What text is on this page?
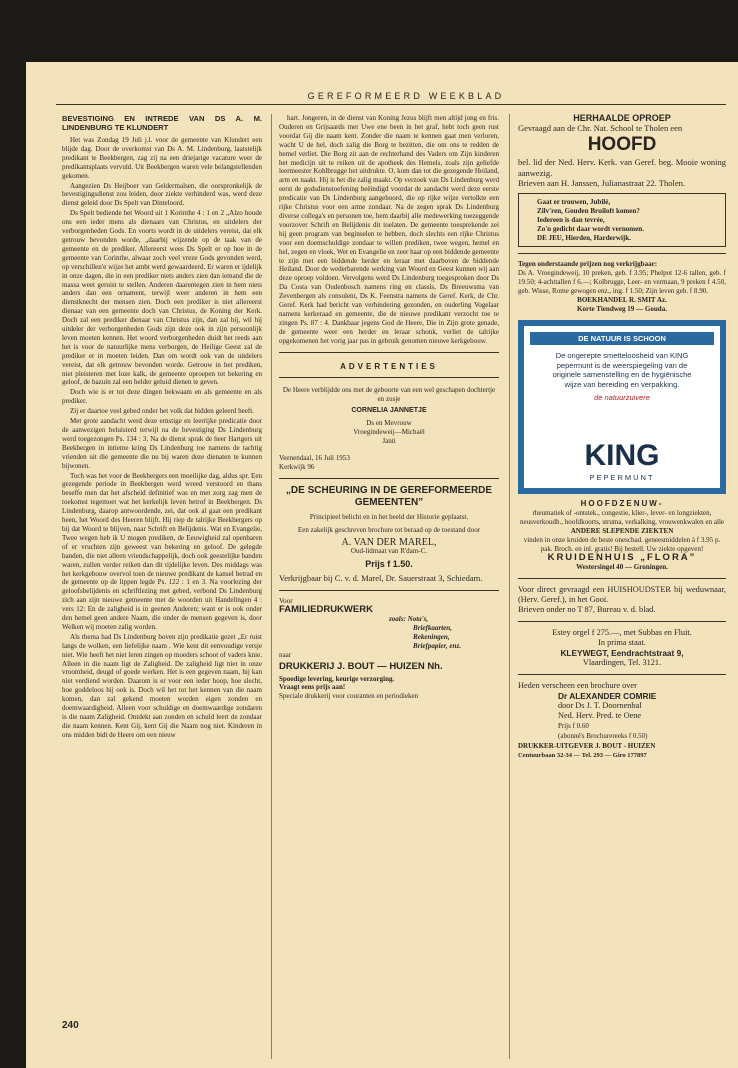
GEREFORMEERD WEEKBLAD
BEVESTIGING EN INTREDE VAN DS A. M. LINDENBURG TE KLUNDERT

Het was Zondag 19 Juli j.l. voor de gemeente van Klundert een blijde dag. Door de overkomst van Ds A. M. Lindenburg, laatstelijk predikant te Beekbergen, zag zij na een driejarige vacature weer de predikantsplaats vervuld. Uit Beekbergen waren vele belangstellenden gekomen.

Aangezien Ds Heijboer van Geldermalsen, die oorspronkelijk de bevestigingsdienst zou leiden, door ziekte verhinderd was, werd deze dienst geleid door Ds Spelt van Dinteloord.

Ds Spelt bediende het Woord uit 1 Korinthe 4 : 1 en 2 „Alzo houde ons een ieder mens als dienaars van Christus, en uitdelers der verborgenheden Gods. En voorts wordt in de uitdelers vereist, dat elk getrouw bevonden worde, „daarbij wijzende op de taak van de gemeente en de prediker. Allereerst wees Ds Spelt er op hoe in de gemeente van Corinthe, alwaar zoch veel vreze Gods gevonden werd, op verschillen'e wijze het ambt werd gewaardeerd. Er waren er ijdelijk in onze dagen, die in een prediker niets anders zien dan iemand die de massa weet geruist te stellen. Anderen daarentegen zien in hem niets anders dan een ornament, terwijl weer anderen in hem een dienstknecht der mensen zien. Doch een prediker is niet allereerst dienaar van een gemeente doch van Christus, de Koning der Kerk. Doch zal een prediker dienaar van Christus zijn, dan zal hij, wil hij uitdeler der verborgenheden Gods zijn deze ook in zijn persoonlijk leven moeten kennen. Het woord verborgenheden duidt het reeds aan het is voor de natuurlijke mens verborgen, de Heilige Geest zal de prediker er in moeten leiden. Dan om wordt ook van de uitdelers vereist, dat elk getrouw bevonden worde. Getrouw in het prediken, niet pleisteren met loze kalk, de gemeente oproepen tot bekering en geloof, de bazuin zal een helder geluid dienen te geven.

Doch wie is er tot deze dingen bekwaam en als gemeente en als prediker.

Zij er daartoe veel gebed onder het volk dat bidden geleerd heeft.

Met grote aandacht werd deze ernstige en leerrijke predicatie door de aanwezigen beluisterd terwijl na de bevestiging Ds Lindenburg werd toegezongen Ps. 134 : 3. Na de dienst sprak de heer Hartgers uit Beekbergen in intieme kring Ds Lindenburg toe namens de tachtig vrienden uit die gemeente die nu bij waren deze dienaten te kunnen bijwonen.

Toch was het voor de Beekbergers een moeilijke dag, aldus spr. Een gezegende periode in Beekbergen werd wreed verstoord en thans beseffe men dat het afscheid definitief was en met zorg zag men de toekomst tegemoet wat het kerkelijk leven betrof in Beekbergen. Ds Lindenburg, daarop antwoordende, zei, dat ook al gaat een predikant heen, het Woord des Heeren blijft. Hij riep de talrijke Beekbergers op bij dat Woord te blijven, naar Schrift en Belijdenis. Wat en Evangelie, Twee wegen heb ik U mogen prediken, de Eeuwigheid zal openbaren of er vruchten zijn geweest van bekering en geloof. De gelegde banden, die niet alleen vriendschappelijk, doch ook geestelijke banden waren, zullen verder reiken dan dit tijdelijke leven. Des middags was het kerkgebouw overvol toen de nieuwe predikant de kansel betrad en de gemeente op de lippen legde Ps. 122 : 1 en 3. Na voorlezing der geloofsbelijdenis en schriftlezing met gebed, verbond Ds Lindenburg zich aan zijn nieuwe gemeente met de woorden uit Handelingen 4 : vers 12: En de zaligheid is in geenen Anderen; want er is ook onder den hemel geen andere Naam, die onder de mensen gegeven is, door Welken wij moeten zalig worden.

Als thema had Ds Lindenburg boven zijn predikatie gezet „Er ruist langs de wolken, een liefelijke naam . Wie kent dit eenvoudige versje niet. Wie heeft het niet leren zingen op moeders schoot of vaders knie. Alleen in die naam ligt de Zaligheid. De zaligheid ligt niet in onze vroomheid, deugd of goede werken. Het is een gegeven naam, hij kan niet verdiend worden. Daarom is er voor een ieder hoop, hoe slecht, hoe goddeloos hij ook is. Doch wil het tot het kennen van die naam komen, dan zal gekend moeten worden eigen zonden en doemwaardigheid. Alleen voor schuldige en doemwaardige zondaren is die naam Zaligheid. Ontdekt aan zonden en schuld leert de zondaar die naam kennen. Kent Gij, kent Gij die Naam nog niet. Kinderen in ons midden bidt de Heere om een nieuw

240

hart. Jongeren, in de dienst van Koning Jezus blijft men altijd jong en fris. Ouderen en Grijsaards met Uwe ene been in het graf, hebt toch geen rust voordat Gij die naam kent. Zonder die naam te kennen gaat men verloren, wacht U de hel, doch zalig die Borg te bezitten, die om ons te redden de hemel verliet. Die Borg zit aan de rechterhand des Vaders om Zijn kinderen het medicijn uit te reiken uit de apotheek des Hemels, zoals zijn geliefde leermeester Kohlbrugge het uitdrukte. O, kom dan tot die gezegende Heiland, arm en naakt. Hij is het die zalig maakt. Op verzoek van Ds Lindenburg werd eerst de godsdienstoefening beëindigd voordat de aandacht werd deze eerste predicatie van Ds Lindenburg aangehoord, die op rijke wijze vertolkte een rijke Christus voor een arme zondaar. Na de zegen sprak Ds Lindenburg diverse collega's en personen toe, hem daarbij alle medewerking toezeggende voorzover Schrift en Belijdenis dit toelaten. De gemeente toesprekende zei hij geen program van beginselen te hebben, doch slechts een rijke Christus voor een doemschuldige zondaar te willen prediken, twee wegen, hemel en hel, zegen en vloek, Wet en Evangelie en zeer haar op een biddende gemeente te zijn met een biddende herder en leraar met daarboven de biddende Heiland. Door de wederbarende werking van Woord en Geest kunnen wij aan deze oproep voldoen. Vervolgens werd Ds Lindenburg toegesproken door Ds Da Costa van Oudenbosch namens ring en classis, Ds Breeuwsma van Zevenbergen als consulent, Ds K. Feenstra namens de Geref. Kerk, de Chr. Geref. Kerk had bericht van verhindering gezonden, en ouderling Vogelaar namens kerkeraad en gemeente, die de nieuwe predikant verzocht toe te zingen Ps. 87 : 4. Dankbaar jegens God de Heere, Die in Zijn grote genade, de gemeente weer een herder en leraar schonk, verliet de talrijke opgekomenen het vorig jaar pas in gebruik genomen nieuwe kerkgebouw.

ADVERTENTIES
De Heere verblijdde ons met de geboorte van een wel geschapen dochtertje en zusje
CORNELIA JANNETJE
Ds en Mevrouw
Vroegindeweij—Michaël
Janti
Veenendaal, 16 Juli 1953
Kerkwijk 96
„DE SCHEURING IN DE GEREFORMEERDE GEMEENTEN”
Principieel belicht en in het beeld der Historie geplaatst.
Een zakelijk geschreven brochure tot beraad op de toestand door
A. VAN DER MAREL,
Oud-lidmaat van R'dam-C.
Prijs f 1.50.
Verkrijgbaar bij C. v. d. Marel, Dr. Sauerstraat 3, Schiedam.
Voor
FAMILIEDRUKWERK
zoals: Nota's,
Briefkaarten,
Rekeningen,
Briefpapier, enz.
naar
DRUKKERIJ J. BOUT — HUIZEN Nh.
Spoedige levering, keurige verzorging.
Vraagt eens prijs aan!
Speciale drukkerij voor couranten en periodieken
HERHAALDE OPROEP
Gevraagd aan de Chr. Nat. School te Tholen een
HOOFD
bel. lid der Ned. Herv. Kerk. van Geref. beg. Mooie woning aanwezig.
Brieven aan H. Janssen, Julianastraat 22. Tholen.
Gaat er trouwen, Jubilé,
Zilv'ren, Gouden Bruiloft komen?
Iedereen is dan tevrée,
Zo'n gedicht daar wordt vernomen.
DE JEU, Hierden, Harderwijk.
Tegen onderstaande prijzen nog verkrijgbaar:
Ds A. Vroegindeweij, 10 preken, geb. f 3.95; Phelpot 12-6 tallen, geb. f 19.50; 4-achttallen f 6.—; Kolbrugge, Leer- en vermaan, 9 preken f 4.50, geb. Wisse, Rome gewogen enz., ing. f 1.50; Zijn leven geb. f 8.90.
BOEKHANDEL R. SMIT Az.
Korte Tiendweg 19 — Gouda.
DE NATUUR IS SCHOON
De ongerepte smetteloosheid van KING pepermunt is de weerspiegeling van de originele samenstelling en de hygiënische wijze van bereiding en verpakking.
de natuurzuivere
KING
PEPERMUNT
HOOFDZENUW-
rheumatiek of -ontstek., congestie, klier-, lever- en longziekten, neusverkoudh., hoofdkoorts, struma, verkalking, vrouwenkwalen en alle
ANDERE SLEPENDE ZIEKTEN
vinden in onze kruiden de beste oneschad. geneesmiddelen à f 3.95 p. pak. Broch. en inl. gratis! Bij bestell. Uw ziekte opgeven!
KRUIDENHUIS „FLORA”
Westersingel 40 — Groningen.
Voor direct gevraagd een HUISHOUDSTER bij weduwnaar, (Herv. Geref.), in het Gooi.
Brieven onder no T 87, Bureau v. d. blad.
Estey orgel f 275.—, met Subbas en Fluit.
In prima staat.
KLEYWEGT, Eendrachtstraat 9,
Vlaardingen, Tel. 3121.
Heden verscheen een brochure over
Dr ALEXANDER COMRIE
door Ds J. T. Doornenbal
Ned. Herv. Pred. te Oene
Prijs f 0.60
(abonné's Brochurereeks f 0.50)
DRUKKER-UITGEVER J. BOUT - HUIZEN
Centuurbaan 32-34 — Tel. 293 — Giro 177897
